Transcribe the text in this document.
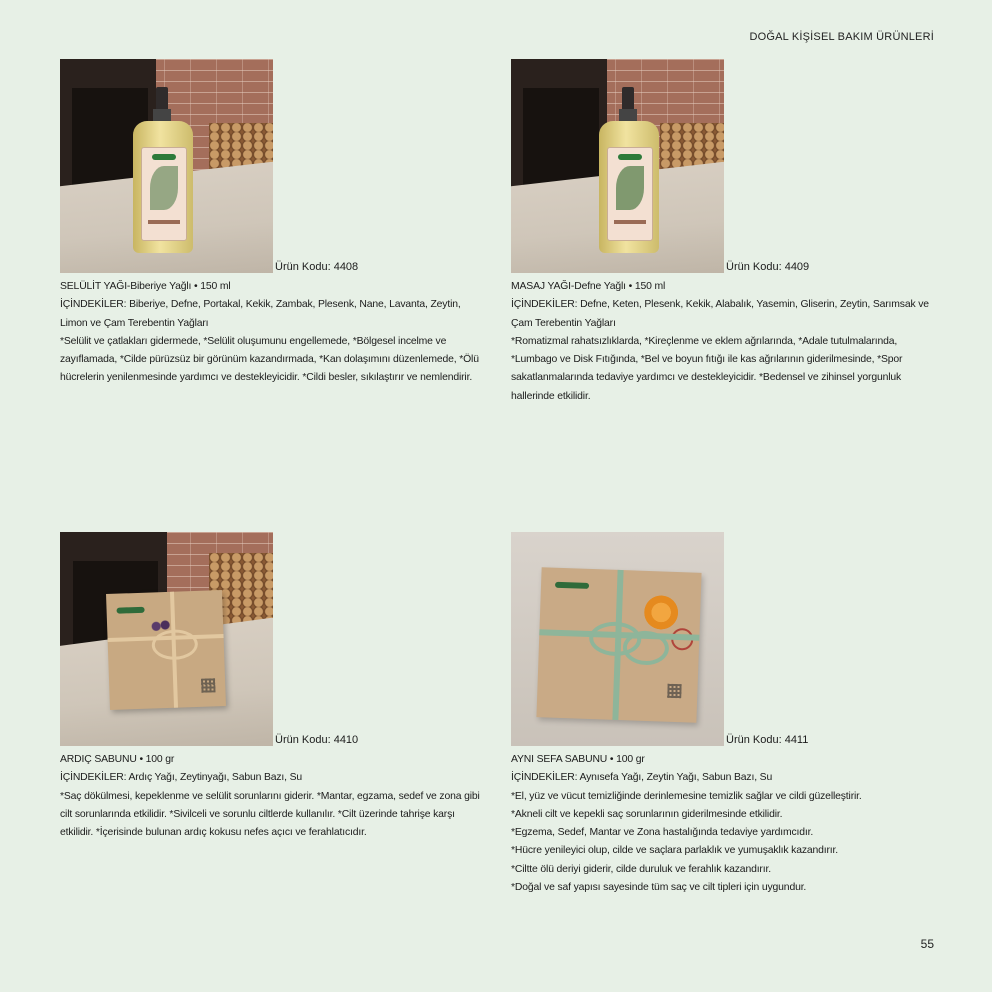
DOĞAL KİŞİSEL BAKIM ÜRÜNLERİ
Ürün Kodu: 4408
SELÜLİT YAĞI-Biberiye Yağlı • 150 ml
İÇİNDEKİLER: Biberiye, Defne, Portakal, Kekik, Zambak, Plesenk, Nane, Lavanta, Zeytin, Limon ve Çam Terebentin Yağları
*Selülit ve çatlakları gidermede, *Selülit oluşumunu engellemede, *Bölgesel incelme ve zayıflamada, *Cilde pürüzsüz bir görünüm kazandırmada, *Kan dolaşımını düzenlemede, *Ölü hücrelerin yenilenmesinde yardımcı ve destekleyicidir. *Cildi besler, sıkılaştırır ve nemlendirir.
Ürün Kodu: 4409
MASAJ YAĞI-Defne Yağlı • 150 ml
İÇİNDEKİLER: Defne, Keten, Plesenk, Kekik, Alabalık, Yasemin, Gliserin, Zeytin, Sarımsak ve Çam Terebentin Yağları
*Romatizmal rahatsızlıklarda, *Kireçlenme ve eklem ağrılarında, *Adale tutulmalarında, *Lumbago ve Disk Fıtığında, *Bel ve boyun fıtığı ile kas ağrılarının giderilmesinde, *Spor sakatlanmalarında tedaviye yardımcı ve destekleyicidir. *Bedensel ve zihinsel yorgunluk hallerinde etkilidir.
Ürün Kodu: 4410
ARDIÇ SABUNU • 100 gr
İÇİNDEKİLER: Ardıç Yağı, Zeytinyağı, Sabun Bazı, Su
*Saç dökülmesi, kepeklenme ve selülit sorunlarını giderir. *Mantar, egzama, sedef ve zona gibi cilt sorunlarında etkilidir. *Sivilceli ve sorunlu ciltlerde kullanılır. *Cilt üzerinde tahrişe karşı etkilidir. *İçerisinde bulunan ardıç kokusu nefes açıcı ve ferahlatıcıdır.
Ürün Kodu: 4411
AYNI SEFA SABUNU • 100 gr
İÇİNDEKİLER: Aynısefa Yağı, Zeytin Yağı, Sabun Bazı, Su
*El, yüz ve vücut temizliğinde derinlemesine temizlik sağlar ve cildi güzelleştirir.
*Akneli cilt ve kepekli saç sorunlarının giderilmesinde etkilidir.
*Egzema, Sedef, Mantar ve Zona hastalığında tedaviye yardımcıdır.
*Hücre yenileyici olup, cilde ve saçlara parlaklık ve yumuşaklık kazandırır.
*Ciltte ölü deriyi giderir, cilde duruluk ve ferahlık kazandırır.
*Doğal ve saf yapısı sayesinde tüm saç ve cilt tipleri için uygundur.
55
